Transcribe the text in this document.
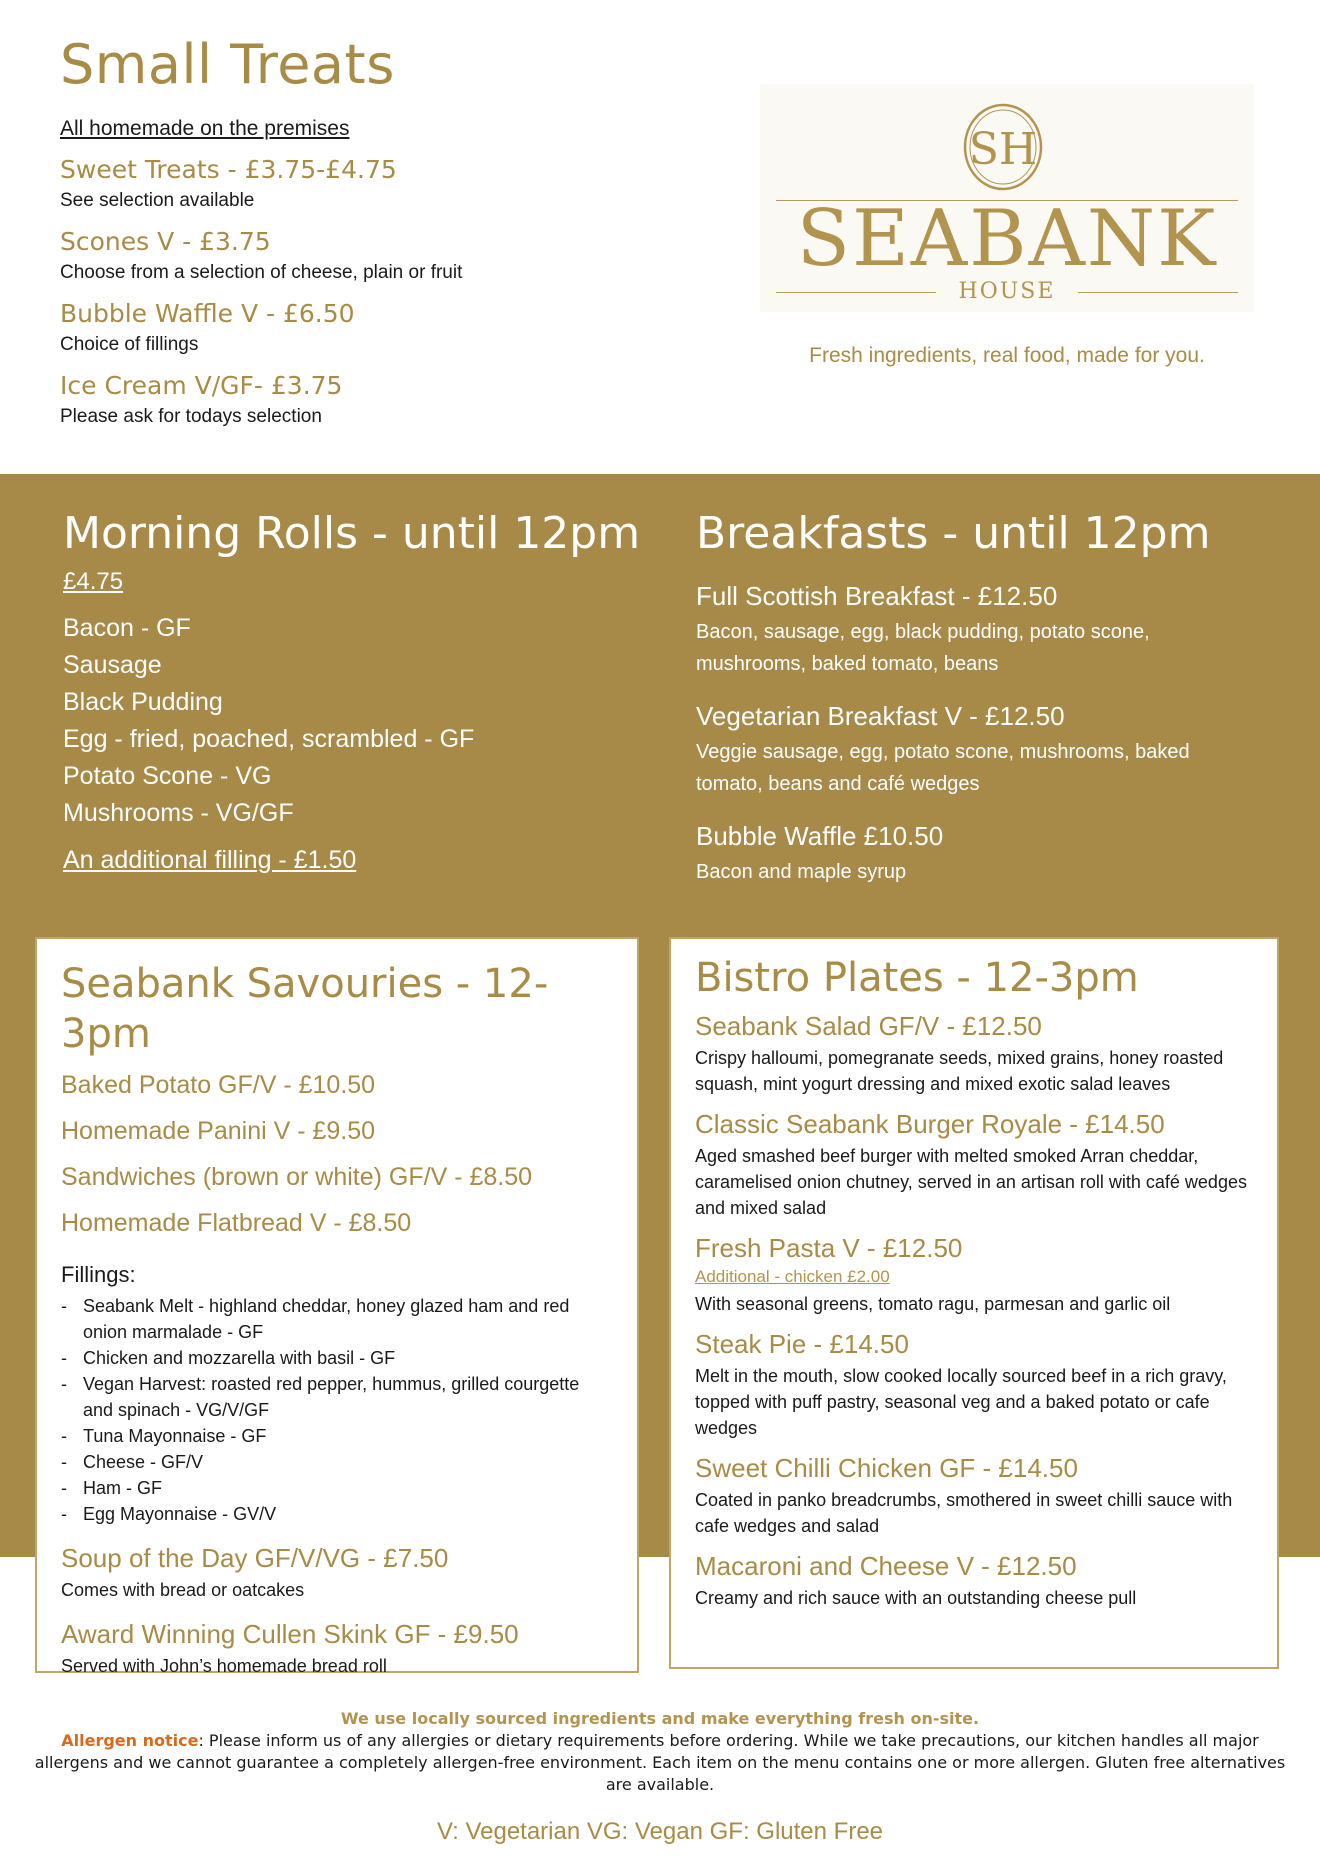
Small Treats
All homemade on the premises
Sweet Treats - £3.75-£4.75
See selection available
Scones V - £3.75
Choose from a selection of cheese, plain or fruit
Bubble Waffle V - £6.50
Choice of fillings
Ice Cream V/GF- £3.75
Please ask for todays selection
SH
SEABANK
HOUSE
Fresh ingredients, real food, made for you.
Morning Rolls - until 12pm
£4.75
Bacon - GF
Sausage
Black Pudding
Egg - fried, poached, scrambled - GF
Potato Scone - VG
Mushrooms - VG/GF
An additional filling - £1.50
Breakfasts - until 12pm
Full Scottish Breakfast - £12.50
Bacon, sausage, egg, black pudding, potato scone,
mushrooms, baked tomato, beans
Vegetarian Breakfast V - £12.50
Veggie sausage, egg, potato scone, mushrooms, baked
tomato, beans and café wedges
Bubble Waffle £10.50
Bacon and maple syrup
Seabank Savouries - 12-3pm
Baked Potato GF/V - £10.50
Homemade Panini V - £9.50
Sandwiches (brown or white) GF/V - £8.50
Homemade Flatbread V - £8.50
Fillings:
- Seabank Melt - highland cheddar, honey glazed ham and red onion marmalade - GF
- Chicken and mozzarella with basil - GF
- Vegan Harvest: roasted red pepper, hummus, grilled courgette and spinach - VG/V/GF
- Tuna Mayonnaise - GF
- Cheese - GF/V
- Ham - GF
- Egg Mayonnaise - GV/V
Soup of the Day GF/V/VG - £7.50
Comes with bread or oatcakes
Award Winning Cullen Skink GF - £9.50
Served with John’s homemade bread roll
Bistro Plates - 12-3pm
Seabank Salad GF/V - £12.50
Crispy halloumi, pomegranate seeds, mixed grains, honey roasted squash, mint yogurt dressing and mixed exotic salad leaves
Classic Seabank Burger Royale - £14.50
Aged smashed beef burger with melted smoked Arran cheddar, caramelised onion chutney, served in an artisan roll with café wedges and mixed salad
Fresh Pasta V - £12.50
Additional - chicken £2.00
With seasonal greens, tomato ragu, parmesan and garlic oil
Steak Pie - £14.50
Melt in the mouth, slow cooked locally sourced beef in a rich gravy, topped with puff pastry, seasonal veg and a baked potato or cafe wedges
Sweet Chilli Chicken GF - £14.50
Coated in panko breadcrumbs, smothered in sweet chilli sauce with cafe wedges and salad
Macaroni and Cheese V - £12.50
Creamy and rich sauce with an outstanding cheese pull
We use locally sourced ingredients and make everything fresh on-site.
Allergen notice: Please inform us of any allergies or dietary requirements before ordering. While we take precautions, our kitchen handles all major allergens and we cannot guarantee a completely allergen-free environment. Each item on the menu contains one or more allergen. Gluten free alternatives are available.
V: Vegetarian VG: Vegan GF: Gluten Free
